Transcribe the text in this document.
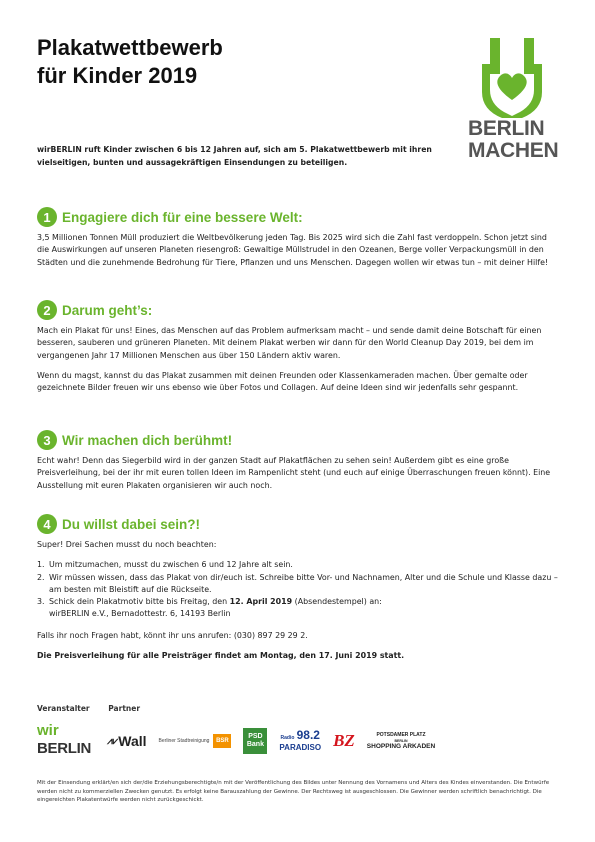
Plakatwettbewerb
für Kinder 2019
BERLIN
MACHEN
wirBERLIN ruft Kinder zwischen 6 bis 12 Jahren auf, sich am 5. Plakatwettbewerb mit ihren vielseitigen, bunten und aussagekräftigen Einsendungen zu beteiligen.
1 Engagiere dich für eine bessere Welt:

3,5 Millionen Tonnen Müll produziert die Weltbevölkerung jeden Tag. Bis 2025 wird sich die Zahl fast verdoppeln. Schon jetzt sind die Auswirkungen auf unseren Planeten riesengroß: Gewaltige Müllstrudel in den Ozeanen, Berge voller Verpackungsmüll in den Städten und die zunehmende Bedrohung für Tiere, Pflanzen und uns Menschen. Dagegen wollen wir etwas tun – mit deiner Hilfe!

2 Darum geht’s:

Mach ein Plakat für uns! Eines, das Menschen auf das Problem aufmerksam macht – und sende damit deine Botschaft für einen besseren, sauberen und grüneren Planeten. Mit deinem Plakat werben wir dann für den World Cleanup Day 2019, bei dem im vergangenen Jahr 17 Millionen Menschen aus über 150 Ländern aktiv waren.

Wenn du magst, kannst du das Plakat zusammen mit deinen Freunden oder Klassenkameraden machen. Über gemalte oder gezeichnete Bilder freuen wir uns ebenso wie über Fotos und Collagen. Auf deine Ideen sind wir jedenfalls sehr gespannt.

3 Wir machen dich berühmt!

Echt wahr! Denn das Siegerbild wird in der ganzen Stadt auf Plakatflächen zu sehen sein! Außerdem gibt es eine große Preisverleihung, bei der ihr mit euren tollen Ideen im Rampenlicht steht (und euch auf einige Überraschungen freuen könnt). Eine Ausstellung mit euren Plakaten organisieren wir auch noch.

4 Du willst dabei sein?!

Super! Drei Sachen musst du noch beachten:

1. Um mitzumachen, musst du zwischen 6 und 12 Jahre alt sein.
2. Wir müssen wissen, dass das Plakat von dir/euch ist. Schreibe bitte Vor- und Nachnamen, Alter und die Schule und Klasse dazu – am besten mit Bleistift auf die Rückseite.
3. Schick dein Plakatmotiv bitte bis Freitag, den 12. April 2019 (Absendestempel) an:
wirBERLIN e.V., Bernadottestr. 6, 14193 Berlin

Falls ihr noch Fragen habt, könnt ihr uns anrufen: (030) 897 29 29 2.

Die Preisverleihung für alle Preisträger findet am Montag, den 17. Juni 2019 statt.

Veranstalter Partner
wir
BERLIN ⩘⩗ Wall Berliner Stadtreinigung	BSR
PSD
Bank
Radio 98.2
PARADISO BZ	POTSDAMER PLATZ
BERLIN
SHOPPING ARKADEN
Mit der Einsendung erklärt/en sich der/die Erziehungsberechtigte/n mit der Veröffentlichung des Bildes unter Nennung des Vornamens und Alters des Kindes einverstanden. Die Entwürfe werden nicht zu kommerziellen Zwecken genutzt. Es erfolgt keine Barauszahlung der Gewinne. Der Rechtsweg ist ausgeschlossen. Die Gewinner werden schriftlich benachrichtigt. Die eingereichten Plakatentwürfe werden nicht zurückgeschickt.
